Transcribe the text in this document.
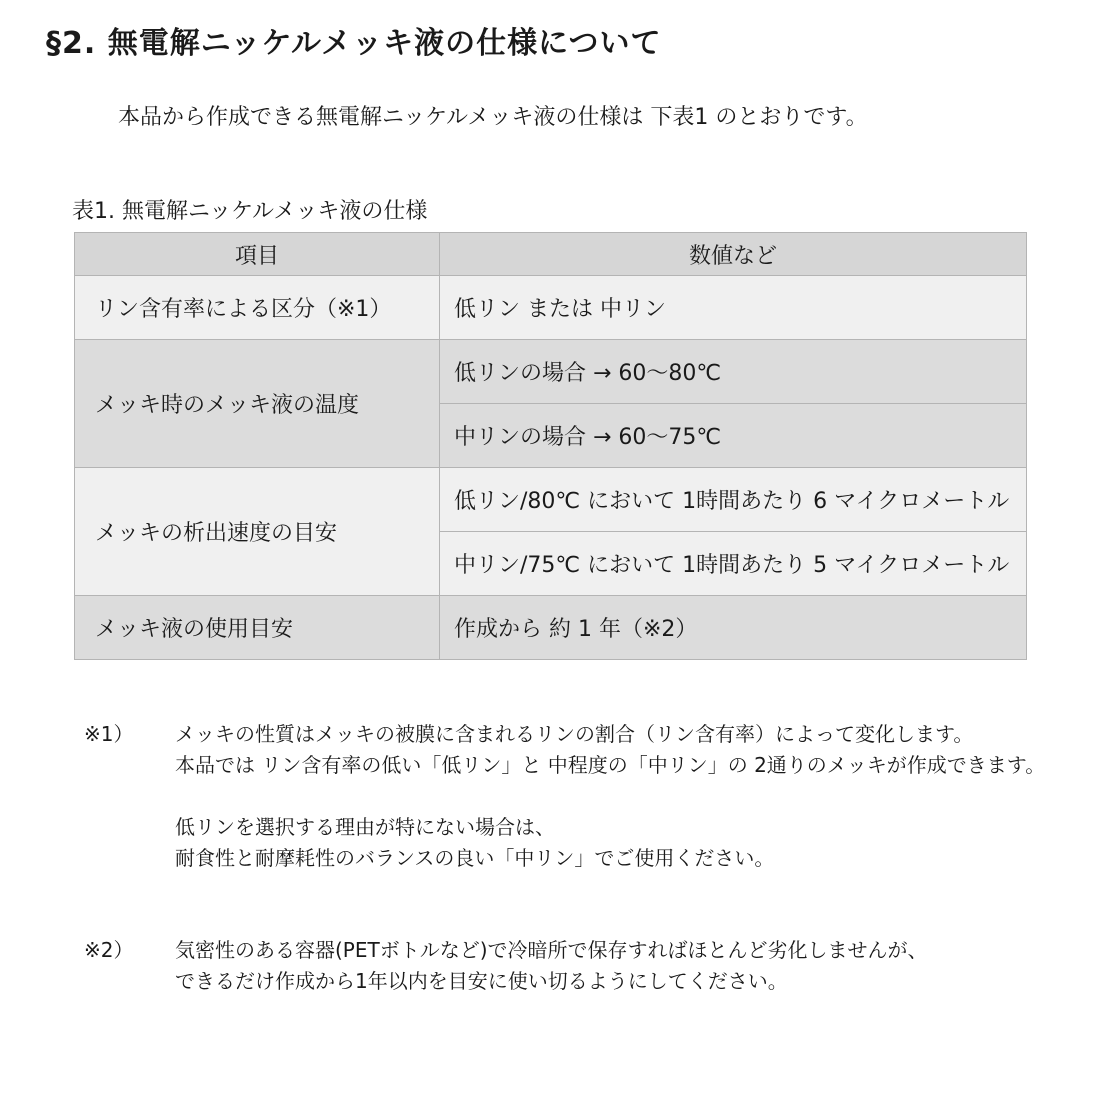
§2. 無電解ニッケルメッキ液の仕様について
本品から作成できる無電解ニッケルメッキ液の仕様は 下表1 のとおりです。
表1. 無電解ニッケルメッキ液の仕様
項目	数値など
リン含有率による区分（※1）	低リン または 中リン
メッキ時のメッキ液の温度	低リンの場合 → 60～80℃
	中リンの場合 → 60～75℃
メッキの析出速度の目安	低リン/80℃ において 1時間あたり 6 マイクロメートル
	中リン/75℃ において 1時間あたり 5 マイクロメートル
メッキ液の使用目安	作成から 約 1 年（※2）
※1） メッキの性質はメッキの被膜に含まれるリンの割合（リン含有率）によって変化します。
本品では リン含有率の低い「低リン」と 中程度の「中リン」の 2通りのメッキが作成できます。
低リンを選択する理由が特にない場合は、
耐食性と耐摩耗性のバランスの良い「中リン」でご使用ください。
※2） 気密性のある容器(PETボトルなど)で冷暗所で保存すればほとんど劣化しませんが、
できるだけ作成から1年以内を目安に使い切るようにしてください。
